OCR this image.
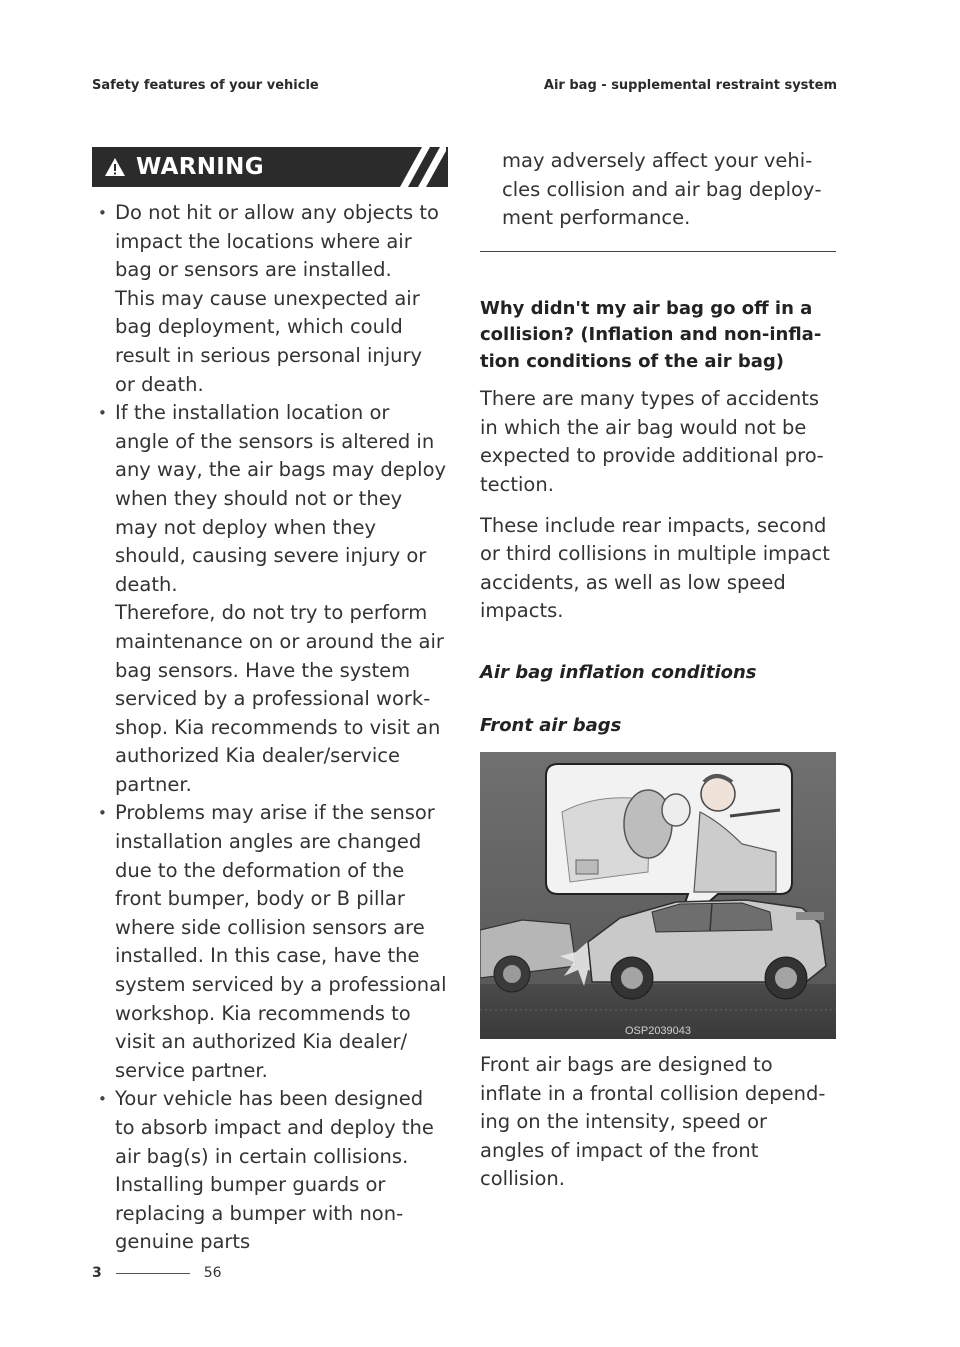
Safety features of your vehicle	Air bag - supplemental restraint system
WARNING

• Do not hit or allow any objects to impact the locations where air bag or sensors are installed.

This may cause unexpected air bag deployment, which could result in serious personal injury or death.

• If the installation location or angle of the sensors is altered in any way, the air bags may deploy when they should not or they may not deploy when they should, causing severe injury or death.

Therefore, do not try to perform maintenance on or around the air bag sensors. Have the system serviced by a professional workshop. Kia recommends to visit an authorized Kia dealer/service partner.

• Problems may arise if the sensor installation angles are changed due to the deformation of the front bumper, body or B pillar where side collision sensors are installed. In this case, have the system serviced by a professional workshop. Kia recommends to visit an authorized Kia dealer/ service partner.

• Your vehicle has been designed to absorb impact and deploy the air bag(s) in certain collisions. Installing bumper guards or replacing a bumper with non-genuine parts

may adversely affect your vehicles collision and air bag deployment performance.

Why didn't my air bag go off in a collision? (Inflation and non-inflation conditions of the air bag)

There are many types of accidents in which the air bag would not be expected to provide additional protection.

These include rear impacts, second or third collisions in multiple impact accidents, as well as low speed impacts.

Air bag inflation conditions

Front air bags

OSP2039043

Front air bags are designed to inflate in a frontal collision depending on the intensity, speed or angles of impact of the front collision.

3	56
